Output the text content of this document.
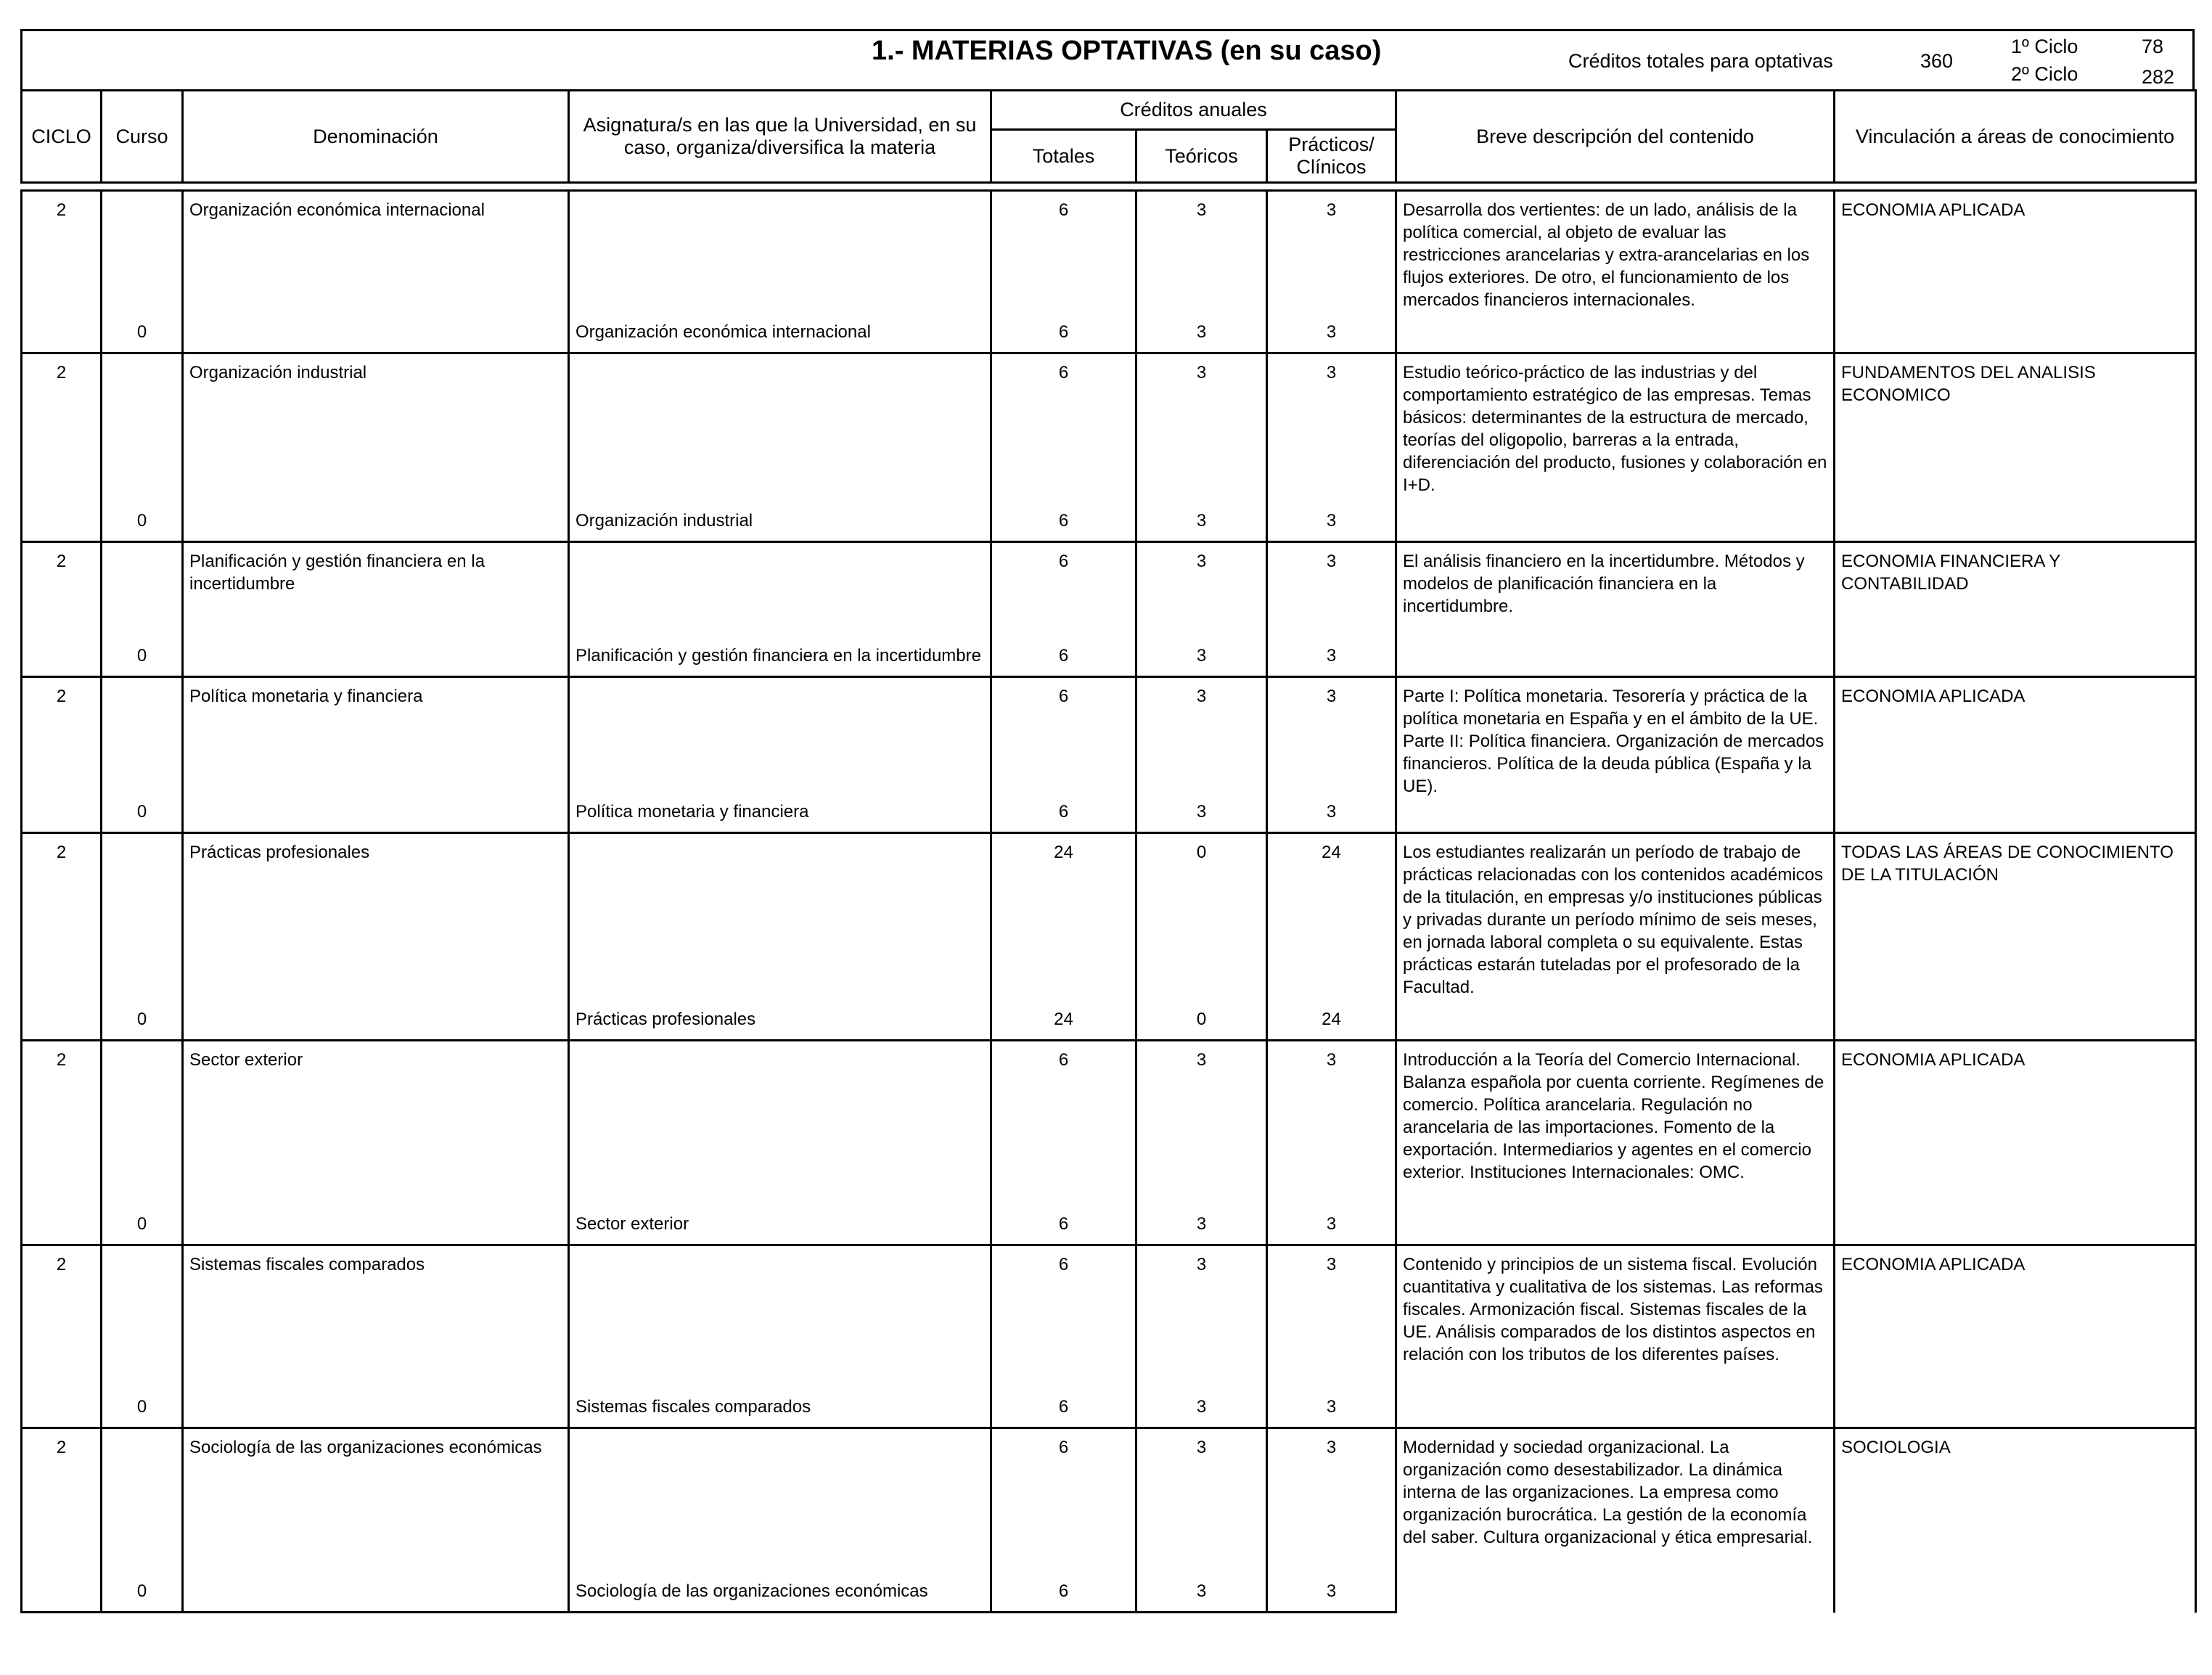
1.- MATERIAS OPTATIVAS (en su caso)	Créditos totales para optativas	360
1º Ciclo	78
2º Ciclo	282
CICLO	Curso	Denominación	Asignatura/s en las que la Universidad, en su caso, organiza/diversifica la materia	Créditos anuales			Breve descripción del contenido	Vinculación a áreas de conocimiento
				Totales	Teóricos	Prácticos/ Clínicos		
2		Organización económica internacional		6	3	3	Desarrolla dos vertientes: de un lado, análisis de la política comercial, al objeto de evaluar las restricciones arancelarias y extra-arancelarias en los flujos exteriores. De otro, el funcionamiento de los mercados financieros internacionales.	ECONOMIA APLICADA
	0		Organización económica internacional	6	3	3		
2		Organización industrial		6	3	3	Estudio teórico-práctico de las industrias y del comportamiento estratégico de las empresas. Temas básicos: determinantes de la estructura de mercado, teorías del oligopolio, barreras a la entrada, diferenciación del producto, fusiones y colaboración en I+D.	FUNDAMENTOS DEL ANALISIS ECONOMICO
	0		Organización industrial	6	3	3		
2		Planificación y gestión financiera en la incertidumbre		6	3	3	El análisis financiero en la incertidumbre. Métodos y modelos de planificación financiera en la incertidumbre.	ECONOMIA FINANCIERA Y CONTABILIDAD
	0		Planificación y gestión financiera en la incertidumbre	6	3	3		
2		Política monetaria y financiera		6	3	3	Parte I: Política monetaria. Tesorería y práctica de la política monetaria en España y en el ámbito de la UE. Parte II: Política financiera. Organización de mercados financieros. Política de la deuda pública (España y la UE).	ECONOMIA APLICADA
	0		Política monetaria y financiera	6	3	3		
2		Prácticas profesionales		24	0	24	Los estudiantes realizarán un período de trabajo de prácticas relacionadas con los contenidos académicos de la titulación, en empresas y/o instituciones públicas y privadas durante un período mínimo de seis meses, en jornada laboral completa o su equivalente. Estas prácticas estarán tuteladas por el profesorado de la Facultad.	TODAS LAS ÁREAS DE CONOCIMIENTO DE LA TITULACIÓN
	0		Prácticas profesionales	24	0	24		
2		Sector exterior		6	3	3	Introducción a la Teoría del Comercio Internacional. Balanza española por cuenta corriente. Regímenes de comercio. Política arancelaria. Regulación no arancelaria de las importaciones. Fomento de la exportación. Intermediarios y agentes en el comercio exterior. Instituciones Internacionales: OMC.	ECONOMIA APLICADA
	0		Sector exterior	6	3	3		
2		Sistemas fiscales comparados		6	3	3	Contenido y principios de un sistema fiscal. Evolución cuantitativa y cualitativa de los sistemas. Las reformas fiscales. Armonización fiscal. Sistemas fiscales de la UE. Análisis comparados de los distintos aspectos en relación con los tributos de los diferentes países.	ECONOMIA APLICADA
	0		Sistemas fiscales comparados	6	3	3		
2		Sociología de las organizaciones económicas		6	3	3	Modernidad y sociedad organizacional. La organización como desestabilizador. La dinámica interna de las organizaciones. La empresa como organización burocrática. La gestión de la economía del saber. Cultura organizacional y ética empresarial.	SOCIOLOGIA
	0		Sociología de las organizaciones económicas	6	3	3		
